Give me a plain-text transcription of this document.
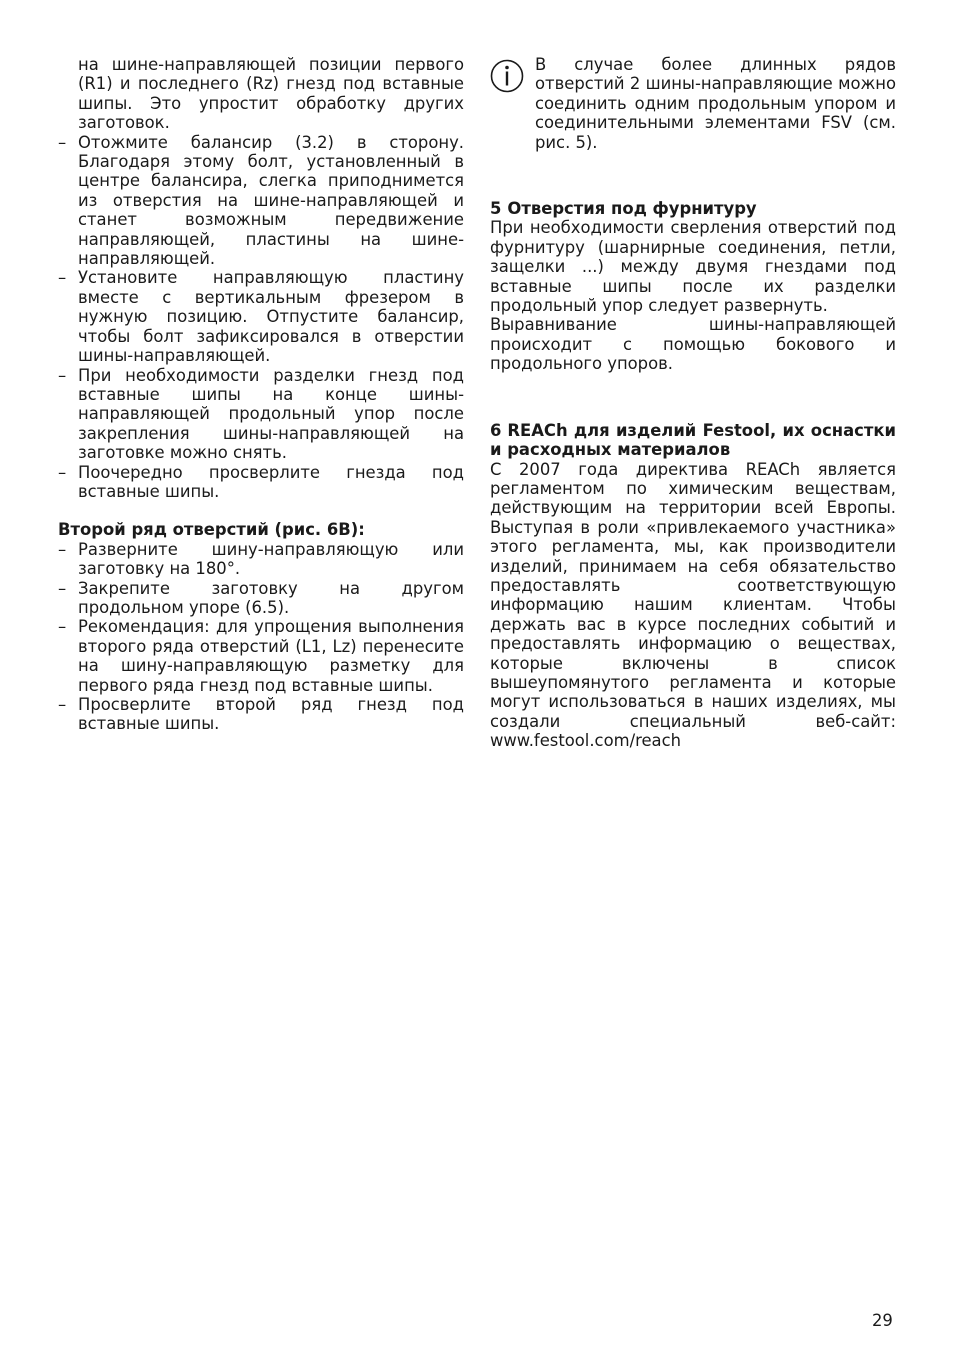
на шине-направляющей позиции первого (R1) и последнего (Rz) гнезд под вставные шипы. Это упростит обработку других заготовок.

– Отожмите балансир (3.2) в сторону. Благодаря этому болт, установленный в центре балансира, слегка приподнимется из отверстия на шине-направляющей и станет возможным передвижение направляющей, пластины на шине-направляющей.
– Установите направляющую пластину вместе с вертикальным фрезером в нужную позицию. Отпустите балансир, чтобы болт зафиксировался в отверстии шины-направляющей.
– При необходимости разделки гнезд под вставные шипы на конце шины-направляющей продольный упор после закрепления шины-направляющей на заготовке можно снять.
– Поочередно просверлите гнезда под вставные шипы.
Второй ряд отверстий (рис. 6B):
– Разверните шину-направляющую или заготовку на 180°.
– Закрепите заготовку на другом продольном упоре (6.5).
– Рекомендация: для упрощения выполнения второго ряда отверстий (L1, Lz) перенесите на шину-направляющую разметку для первого ряда гнезд под вставные шипы.
– Просверлите второй ряд гнезд под вставные шипы.

В случае более длинных рядов отверстий 2 шины-направляющие можно соединить одним продольным упором и соединительными элементами FSV (см. рис. 5).

5 Отверстия под фурнитуру

При необходимости сверления отверстий под фурнитуру (шарнирные соединения, петли, защелки ...) между двумя гнездами под вставные шипы после их разделки продольный упор следует развернуть.

Выравнивание шины-направляющей происходит с помощью бокового и продольного упоров.

6 REACh для изделий Festool, их оснастки и расходных материалов

С 2007 года директива REACh является регламентом по химическим веществам, действующим на территории всей Европы. Выступая в роли «привлекаемого участника» этого регламента, мы, как производители изделий, принимаем на себя обязательство предоставлять соответствующую информацию нашим клиентам. Чтобы держать вас в курсе последних событий и предоставлять информацию о веществах, которые включены в список вышеупомянутого регламента и которые могут использоваться в наших изделиях, мы создали специальный веб-сайт: www.festool.com/reach

29
